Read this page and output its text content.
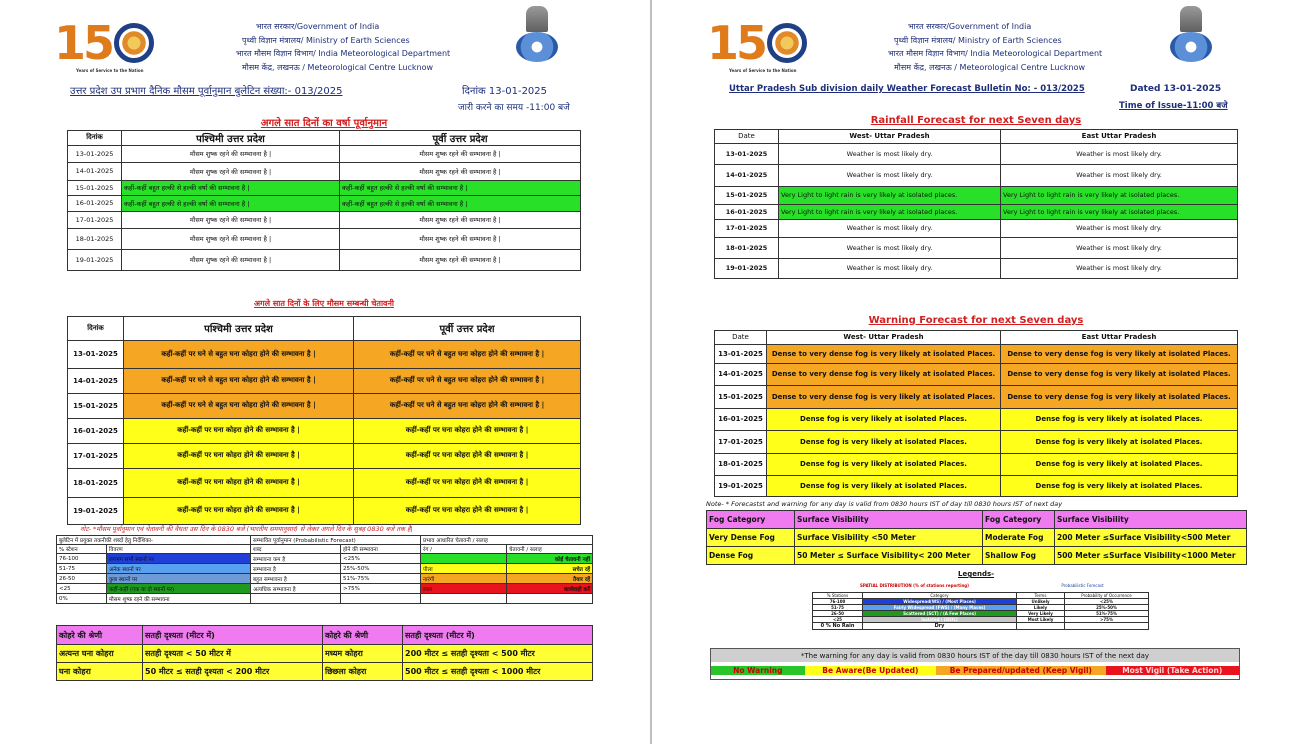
15
Years of Service to the Nation
भारत सरकार/Government of India
पृथ्वी विज्ञान मंत्रालय/ Ministry of Earth Sciences
भारत मौसम विज्ञान विभाग/ India Meteorological Department
मौसम केंद्र, लखनऊ / Meteorological Centre Lucknow
उत्तर प्रदेश उप प्रभाग दैनिक मौसम पूर्वानुमान बुलेटिन संख्या:- 013/2025	दिनांक 13-01-2025
जारी करने का समय -11:00 बजे
अगले सात दिनों का वर्षा पूर्वानुमान		
दिनांक	पश्चिमी उत्तर प्रदेश	पूर्वी उत्तर प्रदेश
13-01-2025	मौसम शुष्क रहने की सम्भावना है |	मौसम शुष्क रहने की सम्भावना है |
14-01-2025	मौसम शुष्क रहने की सम्भावना है |	मौसम शुष्क रहने की सम्भावना है |
15-01-2025	कहीं-कहीं बहुत हल्की से हल्की वर्षा की सम्भावना है |	कहीं-कहीं बहुत हल्की से हल्की वर्षा की सम्भावना है |
16-01-2025	कहीं-कहीं बहुत हल्की से हल्की वर्षा की सम्भावना है |	कहीं-कहीं बहुत हल्की से हल्की वर्षा की सम्भावना है |
17-01-2025	मौसम शुष्क रहने की सम्भावना है |	मौसम शुष्क रहने की सम्भावना है |
18-01-2025	मौसम शुष्क रहने की सम्भावना है |	मौसम शुष्क रहने की सम्भावना है |
19-01-2025	मौसम शुष्क रहने की सम्भावना है |	मौसम शुष्क रहने की सम्भावना है |
अगले सात दिनों के लिए मौसम सम्बन्धी चेतावनी		
दिनांक	पश्चिमी उत्तर प्रदेश	पूर्वी उत्तर प्रदेश
13-01-2025	कहीं-कहीं पर घने से बहुत घना कोहरा होने की सम्भावना है |	कहीं-कहीं पर घने से बहुत घना कोहरा होने की सम्भावना है |
14-01-2025	कहीं-कहीं पर घने से बहुत घना कोहरा होने की सम्भावना है |	कहीं-कहीं पर घने से बहुत घना कोहरा होने की सम्भावना है |
15-01-2025	कहीं-कहीं पर घने से बहुत घना कोहरा होने की सम्भावना है |	कहीं-कहीं पर घने से बहुत घना कोहरा होने की सम्भावना है |
16-01-2025	कहीं-कहीं पर घना कोहरा होने की सम्भावना है |	कहीं-कहीं पर घना कोहरा होने की सम्भावना है |
17-01-2025	कहीं-कहीं पर घना कोहरा होने की सम्भावना है |	कहीं-कहीं पर घना कोहरा होने की सम्भावना है |
18-01-2025	कहीं-कहीं पर घना कोहरा होने की सम्भावना है |	कहीं-कहीं पर घना कोहरा होने की सम्भावना है |
19-01-2025	कहीं-कहीं पर घना कोहरा होने की सम्भावना है |	कहीं-कहीं पर घना कोहरा होने की सम्भावना है |
नोट- *मौसम पूर्वानुमान एवं चेतावनी की वैधता उस दिन के 0830 बजे (भारतीय समयानुसार) से लेकर अगले दिन के सुबह 0830 बजे तक है|
बुलेटिन में प्रयुक्त तकनीकी शब्दों हेतु निर्देशिका-		सम्भावित पूर्वानुमान (Probabilistic Forecast)		प्रभाव आधारित चेतावनी / सलाह	
% स्टेशन	विवरण	शब्द	होने की सम्भावना	रंग /	चेतावनी / सलाह
76-100	लगभग सभी स्थानों पर	सम्भावना कम है	<25%		कोई चेतावनी नहीं
51-75	अनेक स्थानों पर	सम्भावना है	25%-50%	पीला	सचेत रहें
26-50	कुछ स्थानों पर	बहुत सम्भावना है	51%-75%	नारंगी	तैयार रहें
<25	कहीं-कहीं (एक या दो स्थानों पर)	अत्यधिक सम्भावना है	>75%	लाल	कार्यवाही करें
0%	मौसम शुष्क रहने की सम्भावना				
कोहरे की श्रेणी	सतही दृश्यता (मीटर में)	कोहरे की श्रेणी	सतही दृश्यता (मीटर में)
अत्यन्त घना कोहरा	सतही दृश्यता < 50 मीटर में	मध्यम कोहरा	200 मीटर ≤ सतही दृश्यता < 500 मीटर
घना कोहरा	50 मीटर ≤ सतही दृश्यता < 200 मीटर	छिछला कोहरा	500 मीटर ≤ सतही दृश्यता < 1000 मीटर
15
Years of Service to the Nation
भारत सरकार/Government of India
पृथ्वी विज्ञान मंत्रालय/ Ministry of Earth Sciences
भारत मौसम विज्ञान विभाग/ India Meteorological Department
मौसम केंद्र, लखनऊ / Meteorological Centre Lucknow
Uttar Pradesh Sub division daily Weather Forecast Bulletin No: - 013/2025	Dated 13-01-2025
Time of Issue-11:00 बजे
Rainfall Forecast for next Seven days		
Date	West- Uttar Pradesh	East Uttar Pradesh
13-01-2025	Weather is most likely dry.	Weather is most likely dry.
14-01-2025	Weather is most likely dry.	Weather is most likely dry.
15-01-2025	Very Light to light rain is very likely at isolated places.	Very Light to light rain is very likely at isolated places.
16-01-2025	Very Light to light rain is very likely at isolated places.	Very Light to light rain is very likely at isolated places.
17-01-2025	Weather is most likely dry.	Weather is most likely dry.
18-01-2025	Weather is most likely dry.	Weather is most likely dry.
19-01-2025	Weather is most likely dry.	Weather is most likely dry.
Warning Forecast for next Seven days		
Date	West- Uttar Pradesh	East Uttar Pradesh
13-01-2025	Dense to very dense fog is very likely at isolated Places.	Dense to very dense fog is very likely at isolated Places.
14-01-2025	Dense to very dense fog is very likely at isolated Places.	Dense to very dense fog is very likely at isolated Places.
15-01-2025	Dense to very dense fog is very likely at isolated Places.	Dense to very dense fog is very likely at isolated Places.
16-01-2025	Dense fog is very likely at isolated Places.	Dense fog is very likely at isolated Places.
17-01-2025	Dense fog is very likely at isolated Places.	Dense fog is very likely at isolated Places.
18-01-2025	Dense fog is very likely at isolated Places.	Dense fog is very likely at isolated Places.
19-01-2025	Dense fog is very likely at isolated Places.	Dense fog is very likely at isolated Places.
Note- * Forecastst and warning for any day is valid from 0830 hours IST of day till 0830 hours IST of next day
Fog Category	Surface Visibility	Fog Category	Surface Visibility
Very Dense Fog	Surface Visibility <50 Meter	Moderate Fog	200 Meter ≤Surface Visibility<500 Meter
Dense Fog	50 Meter ≤ Surface Visibility< 200 Meter	Shallow Fog	500 Meter ≤Surface Visibility<1000 Meter
Legends-
SPATIAL DISTRIBUTION (% of stations reporting)		Probabilistic Forecast	
% Stations	Category	Terms	Probability of Occurrence
76-100	Widespread(WS) / (Most Places)	Unlikely	<25%
51-75	Fairly Widespread (FWS) / (Many Places)	Likely	25%-50%
26-50	Scattered (SCT) / (A Few Places)	Very Likely	51%-75%
<25	Isolated / (ISOL)	Most Likely	>75%
0 % No Rain	Dry		
*The warning for any day is valid from 0830 hours IST of the day till 0830 hours IST of the next day
No Warning	Be Aware(Be Updated)	Be Prepared/updated (Keep Vigil)	Most Vigil (Take Action)
